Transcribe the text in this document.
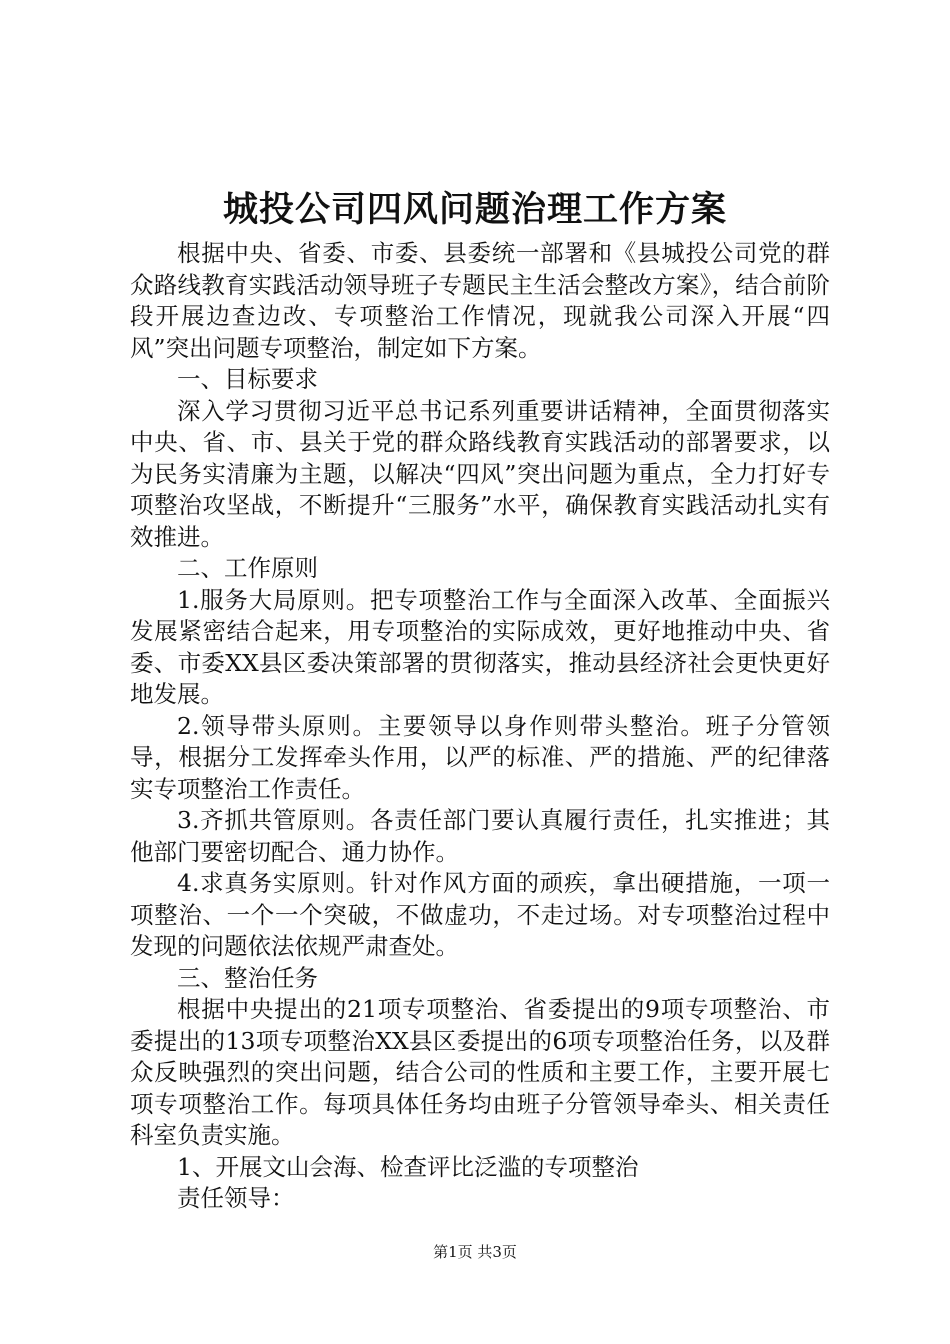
城投公司四风问题治理工作方案

根据中央、省委、市委、县委统一部署和《县城投公司党的群众路线教育实践活动领导班子专题民主生活会整改方案》，结合前阶段开展边查边改、专项整治工作情况，现就我公司深入开展“四风”突出问题专项整治，制定如下方案。

一、目标要求

深入学习贯彻习近平总书记系列重要讲话精神，全面贯彻落实中央、省、市、县关于党的群众路线教育实践活动的部署要求，以为民务实清廉为主题，以解决“四风”突出问题为重点，全力打好专项整治攻坚战，不断提升“三服务”水平，确保教育实践活动扎实有效推进。

二、工作原则

1.服务大局原则。把专项整治工作与全面深入改革、全面振兴发展紧密结合起来，用专项整治的实际成效，更好地推动中央、省委、市委XX县区委决策部署的贯彻落实，推动县经济社会更快更好地发展。

2.领导带头原则。主要领导以身作则带头整治。班子分管领导，根据分工发挥牵头作用，以严的标准、严的措施、严的纪律落实专项整治工作责任。

3.齐抓共管原则。各责任部门要认真履行责任，扎实推进；其他部门要密切配合、通力协作。

4.求真务实原则。针对作风方面的顽疾，拿出硬措施，一项一项整治、一个一个突破，不做虚功，不走过场。对专项整治过程中发现的问题依法依规严肃查处。

三、整治任务

根据中央提出的21项专项整治、省委提出的9项专项整治、市委提出的13项专项整治XX县区委提出的6项专项整治任务，以及群众反映强烈的突出问题，结合公司的性质和主要工作，主要开展七项专项整治工作。每项具体任务均由班子分管领导牵头、相关责任科室负责实施。

1、开展文山会海、检查评比泛滥的专项整治

责任领导：

第1页 共3页
